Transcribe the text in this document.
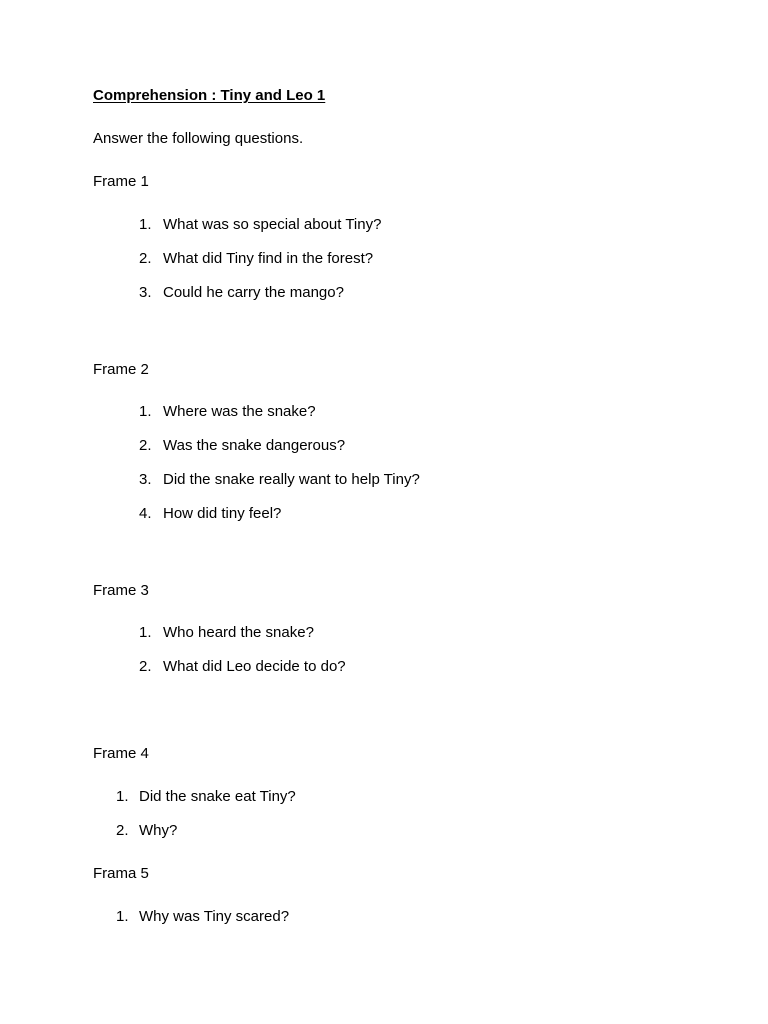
Comprehension : Tiny and Leo 1
Answer the following questions.
Frame 1
1. What was so special about Tiny?
2. What did Tiny find in the forest?
3. Could he carry the mango?
Frame 2
1. Where was the snake?
2. Was the snake dangerous?
3. Did the snake really want to help Tiny?
4. How did tiny feel?
Frame 3
1. Who heard the snake?
2. What did Leo decide to do?
Frame 4
1. Did the snake eat Tiny?
2. Why?
Frama 5
1. Why was Tiny scared?
